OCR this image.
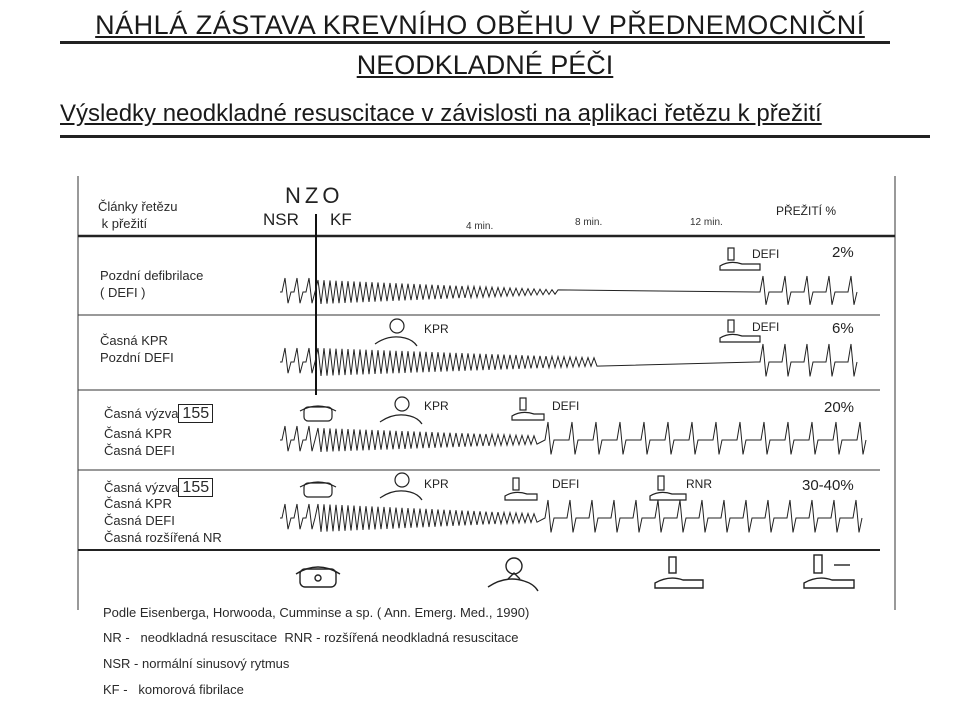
NÁHLÁ ZÁSTAVA KREVNÍHO OBĚHU V PŘEDNEMOCNIČNÍ
NEODKLADNÉ PÉČI
Výsledky neodkladné resuscitace v závislosti na aplikaci řetězu k přežití
Články řetězu
k přežití
NZO
NSR KF	4 min.	8 min.	12 min.
PŘEŽITÍ %
Pozdní defibrilace
( DEFI )
DEFI	2%
Časná KPR
Pozdní DEFI
KPR	DEFI	6%
Časná výzva 155
Časná KPR
Časná DEFI
KPR	DEFI	20%
Časná výzva 155
Časná KPR
Časná DEFI
Časná rozšířená NR
KPR	DEFI	RNR	30-40%
Podle Eisenberga, Horwooda, Cumminse a sp. ( Ann. Emerg. Med., 1990)
NR -   neodkladná resuscitace  RNR - rozšířená neodkladná resuscitace
NSR - normální sinusový rytmus
KF -   komorová fibrilace
